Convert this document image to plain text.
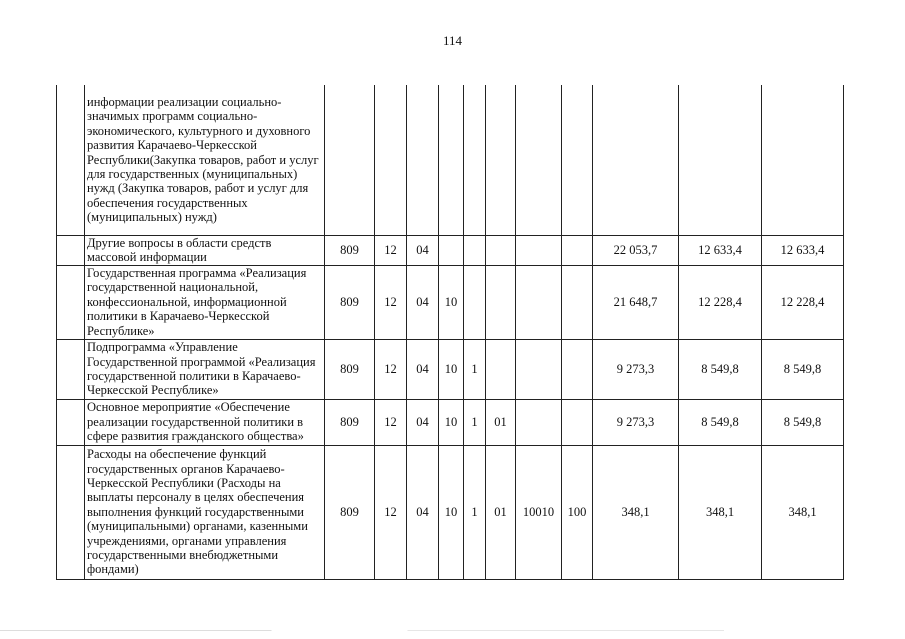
114
	информации реализации социально-значимых программ социально-экономического, культурного и духовного развития Карачаево-Черкесской Республики(Закупка товаров, работ и услуг для государственных (муниципальных) нужд (Закупка товаров, работ и услуг для обеспечения государственных (муниципальных) нужд)											
	Другие вопросы в области средств массовой информации	809	12	04						22 053,7	12 633,4	12 633,4
	Государственная программа «Реализация государственной национальной, конфессиональной, информационной политики в Карачаево-Черкесской Республике»	809	12	04	10					21 648,7	12 228,4	12 228,4
	Подпрограмма «Управление Государственной программой «Реализация государственной политики в Карачаево-Черкесской Республике»	809	12	04	10	1				9 273,3	8 549,8	8 549,8
	Основное мероприятие «Обеспечение реализации государственной политики в сфере развития гражданского общества»	809	12	04	10	1	01			9 273,3	8 549,8	8 549,8
	Расходы на обеспечение функций государственных органов Карачаево-Черкесской Республики (Расходы на выплаты персоналу в целях обеспечения выполнения функций государственными (муниципальными) органами, казенными учреждениями, органами управления государственными внебюджетными фондами)	809	12	04	10	1	01	10010	100	348,1	348,1	348,1
